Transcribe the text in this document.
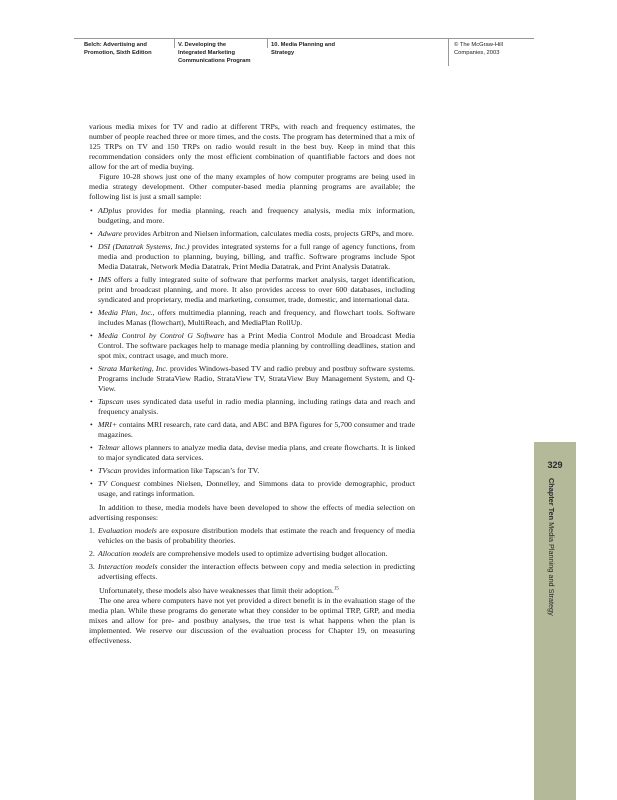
Belch: Advertising and
Promotion, Sixth Edition
V. Developing the
Integrated Marketing
Communications Program
10. Media Planning and
Strategy
© The McGraw-Hill
Companies, 2003

various media mixes for TV and radio at different TRPs, with reach and frequency estimates, the number of people reached three or more times, and the costs. The program has determined that a mix of 125 TRPs on TV and 150 TRPs on radio would result in the best buy. Keep in mind that this recommendation considers only the most efficient combination of quantifiable factors and does not allow for the art of media buying.

Figure 10-28 shows just one of the many examples of how computer programs are being used in media strategy development. Other computer-based media planning programs are available; the following list is just a small sample:

• ADplus provides for media planning, reach and frequency analysis, media mix information, budgeting, and more.
• Adware provides Arbitron and Nielsen information, calculates media costs, projects GRPs, and more.
• DSI (Datatrak Systems, Inc.) provides integrated systems for a full range of agency functions, from media and production to planning, buying, billing, and traffic. Software programs include Spot Media Datatrak, Network Media Datatrak, Print Media Datatrak, and Print Analysis Datatrak.
• IMS offers a fully integrated suite of software that performs market analysis, target identification, print and broadcast planning, and more. It also provides access to over 600 databases, including syndicated and proprietary, media and marketing, consumer, trade, domestic, and international data.
• Media Plan, Inc., offers multimedia planning, reach and frequency, and flowchart tools. Software includes Manas (flowchart), MultiReach, and MediaPlan RollUp.
• Media Control by Control G Software has a Print Media Control Module and Broadcast Media Control. The software packages help to manage media planning by controlling deadlines, station and spot mix, contract usage, and much more.
• Strata Marketing, Inc. provides Windows-based TV and radio prebuy and postbuy software systems. Programs include StrataView Radio, StrataView TV, StrataView Buy Management System, and Q-View.
• Tapscan uses syndicated data useful in radio media planning, including ratings data and reach and frequency analysis.
• MRI+ contains MRI research, rate card data, and ABC and BPA figures for 5,700 consumer and trade magazines.
• Telmar allows planners to analyze media data, devise media plans, and create flowcharts. It is linked to major syndicated data services.
• TVscan provides information like Tapscan’s for TV.
• TV Conquest combines Nielsen, Donnelley, and Simmons data to provide demographic, product usage, and ratings information.

In addition to these, media models have been developed to show the effects of media selection on advertising responses:

1. Evaluation models are exposure distribution models that estimate the reach and frequency of media vehicles on the basis of probability theories.
2. Allocation models are comprehensive models used to optimize advertising budget allocation.
3. Interaction models consider the interaction effects between copy and media selection in predicting advertising effects.

Unfortunately, these models also have weaknesses that limit their adoption.$^{15}$

The one area where computers have not yet provided a direct benefit is in the evaluation stage of the media plan. While these programs do generate what they consider to be optimal TRP, GRP, and media mixes and allow for pre- and postbuy analyses, the true test is what happens when the plan is implemented. We reserve our discussion of the evaluation process for Chapter 19, on measuring effectiveness.

329
Chapter Ten Media Planning and Strategy
